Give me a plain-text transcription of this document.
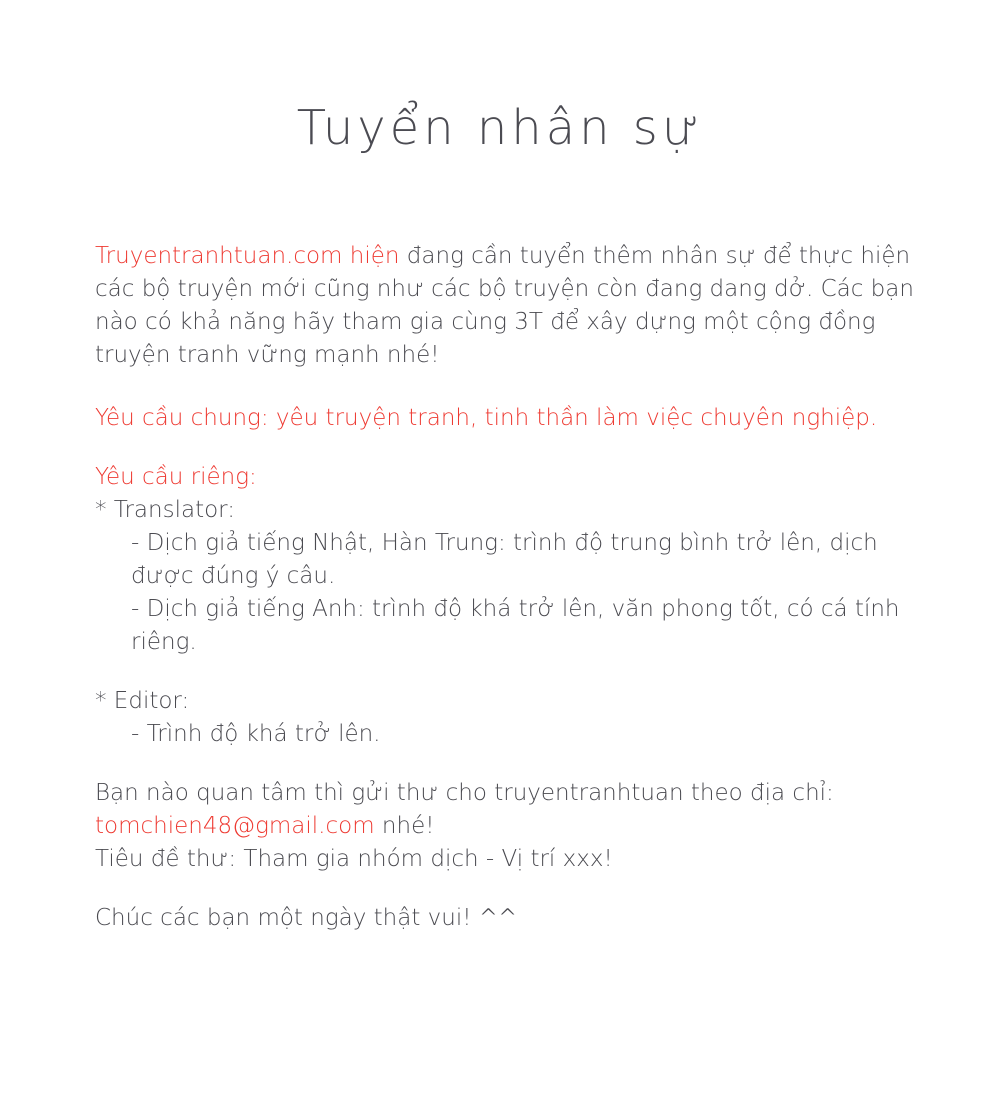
Tuyển nhân sự

Truyentranhtuan.com hiện đang cần tuyển thêm nhân sự để thực hiện các bộ truyện mới cũng như các bộ truyện còn đang dang dở. Các bạn nào có khả năng hãy tham gia cùng 3T để xây dựng một cộng đồng truyện tranh vững mạnh nhé!

Yêu cầu chung: yêu truyện tranh, tinh thần làm việc chuyên nghiệp.

Yêu cầu riêng:

* Translator:

- Dịch giả tiếng Nhật, Hàn Trung: trình độ trung bình trở lên, dịch được đúng ý câu.

- Dịch giả tiếng Anh: trình độ khá trở lên, văn phong tốt, có cá tính riêng.

* Editor:

- Trình độ khá trở lên.

Bạn nào quan tâm thì gửi thư cho truyentranhtuan theo địa chỉ:

tomchien48@gmail.com nhé!

Tiêu đề thư: Tham gia nhóm dịch - Vị trí xxx!

Chúc các bạn một ngày thật vui! ^^
